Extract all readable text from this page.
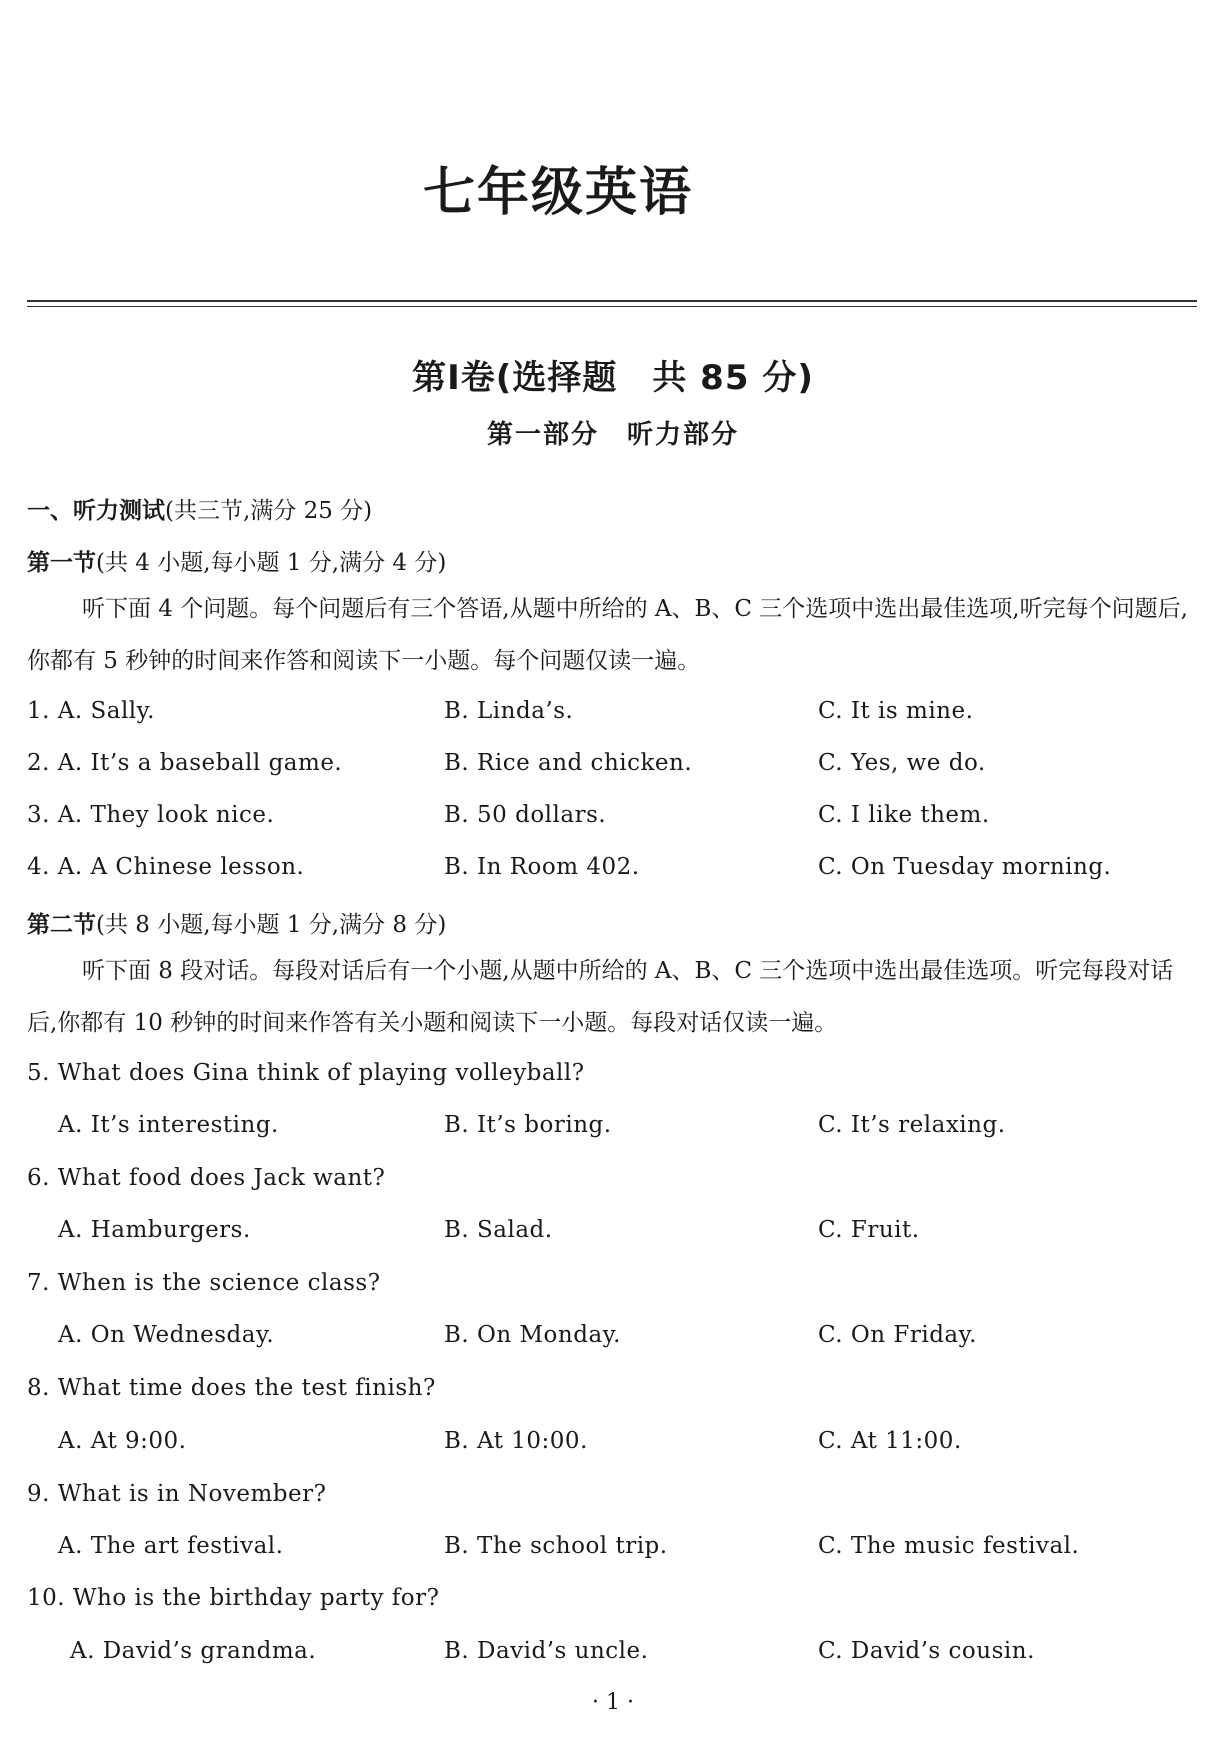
七年级英语
第Ⅰ卷(选择题　共 85 分)
第一部分　听力部分
一、听力测试(共三节,满分 25 分)
第一节(共 4 小题,每小题 1 分,满分 4 分)
听下面 4 个问题。每个问题后有三个答语,从题中所给的 A、B、C 三个选项中选出最佳选项,听完每个问题后,你都有 5 秒钟的时间来作答和阅读下一小题。每个问题仅读一遍。
1. A. Sally.	B. Linda’s.	C. It is mine.
2. A. It’s a baseball game.	B. Rice and chicken.	C. Yes, we do.
3. A. They look nice.	B. 50 dollars.	C. I like them.
4. A. A Chinese lesson.	B. In Room 402.	C. On Tuesday morning.
第二节(共 8 小题,每小题 1 分,满分 8 分)
听下面 8 段对话。每段对话后有一个小题,从题中所给的 A、B、C 三个选项中选出最佳选项。听完每段对话后,你都有 10 秒钟的时间来作答有关小题和阅读下一小题。每段对话仅读一遍。
5. What does Gina think of playing volleyball?
A. It’s interesting.	B. It’s boring.	C. It’s relaxing.
6. What food does Jack want?
A. Hamburgers.	B. Salad.	C. Fruit.
7. When is the science class?
A. On Wednesday.	B. On Monday.	C. On Friday.
8. What time does the test finish?
A. At 9:00.	B. At 10:00.	C. At 11:00.
9. What is in November?
A. The art festival.	B. The school trip.	C. The music festival.
10. Who is the birthday party for?
A. David’s grandma.	B. David’s uncle.	C. David’s cousin.
· 1 ·
